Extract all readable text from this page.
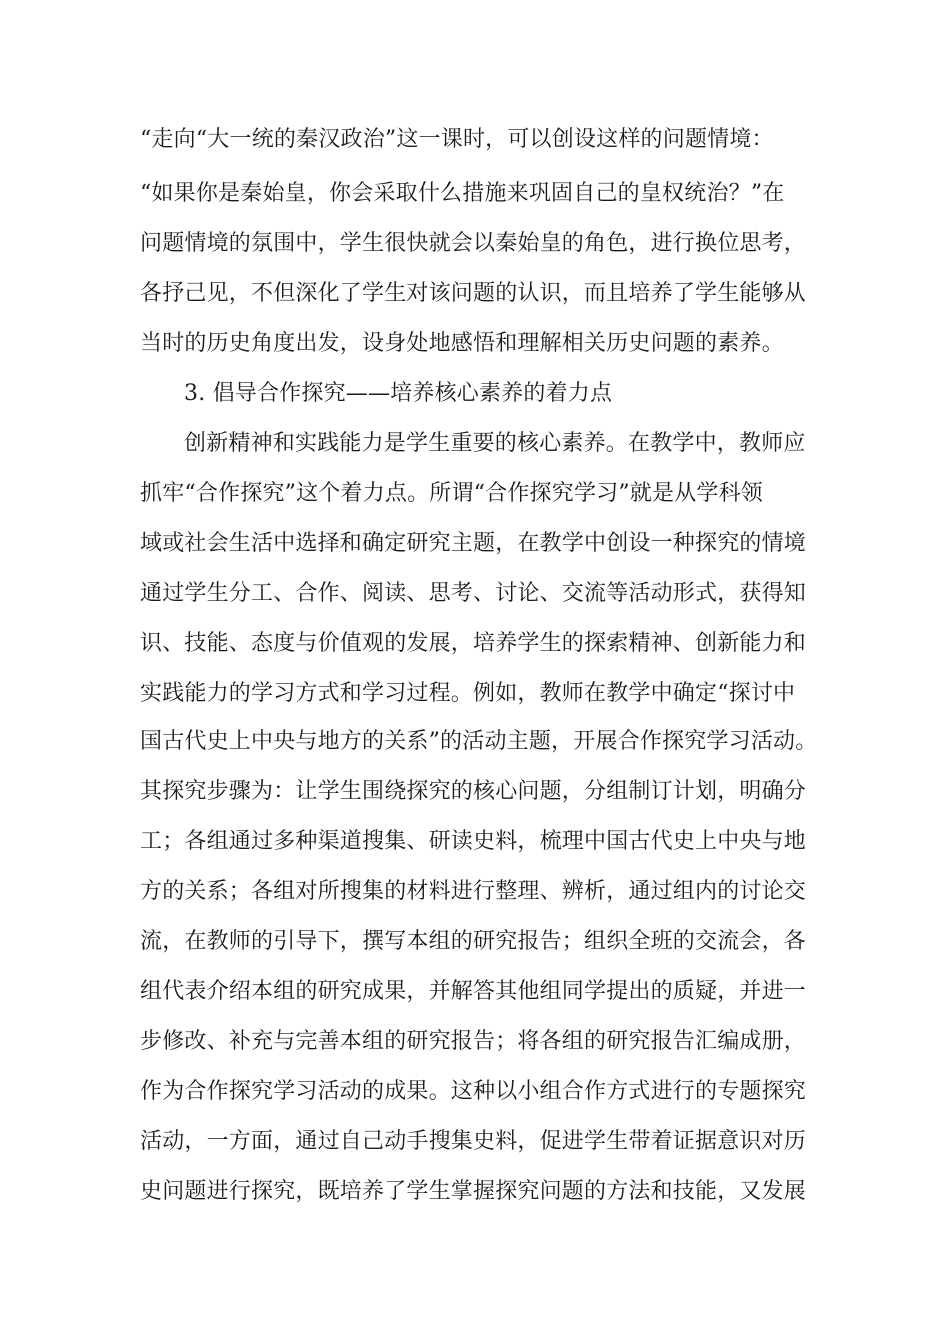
“走向“大一统的秦汉政治”这一课时，可以创设这样的问题情境：
“如果你是秦始皇，你会采取什么措施来巩固自己的皇权统治？”在
问题情境的氛围中，学生很快就会以秦始皇的角色，进行换位思考，
各抒己见，不但深化了学生对该问题的认识，而且培养了学生能够从
当时的历史角度出发，设身处地感悟和理解相关历史问题的素养。
3. 倡导合作探究——培养核心素养的着力点
创新精神和实践能力是学生重要的核心素养。在教学中，教师应
抓牢“合作探究”这个着力点。所谓“合作探究学习”就是从学科领
域或社会生活中选择和确定研究主题，在教学中创设一种探究的情境
通过学生分工、合作、阅读、思考、讨论、交流等活动形式，获得知
识、技能、态度与价值观的发展，培养学生的探索精神、创新能力和
实践能力的学习方式和学习过程。例如，教师在教学中确定“探讨中
国古代史上中央与地方的关系”的活动主题，开展合作探究学习活动。
其探究步骤为：让学生围绕探究的核心问题，分组制订计划，明确分
工；各组通过多种渠道搜集、研读史料，梳理中国古代史上中央与地
方的关系；各组对所搜集的材料进行整理、辨析，通过组内的讨论交
流，在教师的引导下，撰写本组的研究报告；组织全班的交流会，各
组代表介绍本组的研究成果，并解答其他组同学提出的质疑，并进一
步修改、补充与完善本组的研究报告；将各组的研究报告汇编成册，
作为合作探究学习活动的成果。这种以小组合作方式进行的专题探究
活动，一方面，通过自己动手搜集史料，促进学生带着证据意识对历
史问题进行探究，既培养了学生掌握探究问题的方法和技能，又发展
